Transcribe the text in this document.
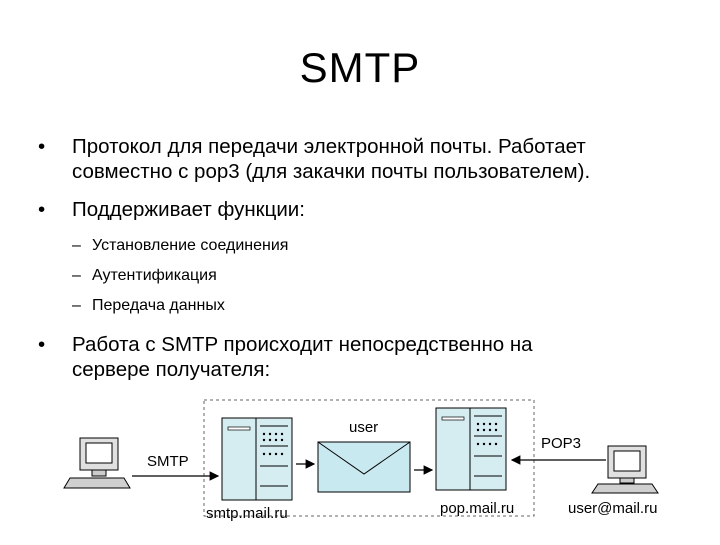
SMTP
• Протокол для передачи электронной почты. Работает
совместно с pop3 (для закачки почты пользователем).
• Поддерживает функции:
– Установление соединения
– Аутентификация
– Передача данных
• Работа с SMTP происходит непосредственно на
сервере получателя:
SMTP
user
POP3
smtp.mail.ru	pop.mail.ru	user@mail.ru
